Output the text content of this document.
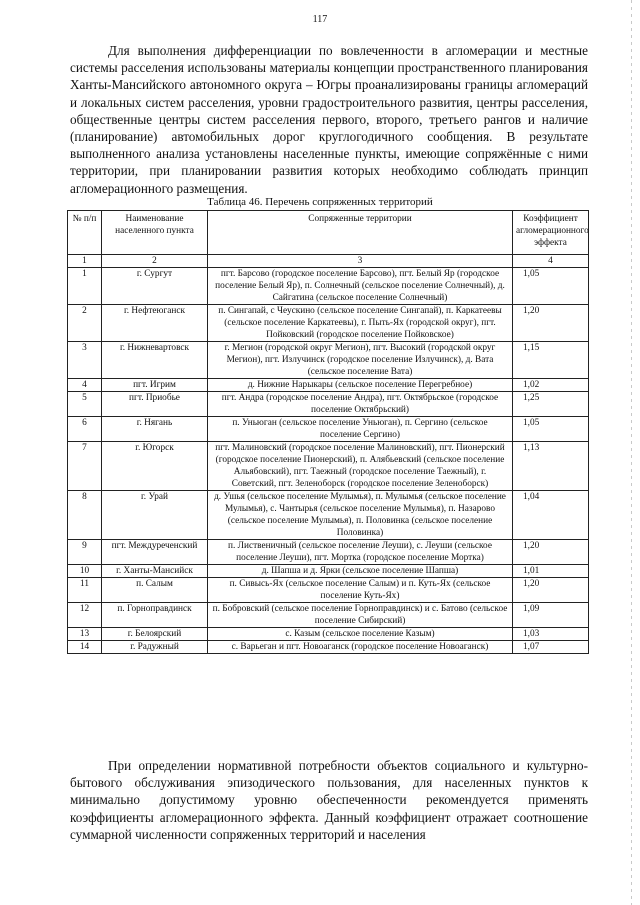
117

Для выполнения дифференциации по вовлеченности в агломерации и местные системы расселения использованы материалы концепции пространственного планирования Ханты-Мансийского автономного округа – Югры проанализированы границы агломераций и локальных систем расселения, уровни градостроительного развития, центры расселения, общественные центры систем расселения первого, второго, третьего рангов и наличие (планирование) автомобильных дорог круглогодичного сообщения. В результате выполненного анализа установлены населенные пункты, имеющие сопряжённые с ними территории, при планировании развития которых необходимо соблюдать принцип агломерационного размещения.

Таблица 46. Перечень сопряженных территорий
№ п/п	Наименование населенного пункта	Сопряженные территории	Коэффициент агломерационного эффекта
1	2	3	4
1	г. Сургут	пгт. Барсово (городское поселение Барсово), пгт. Белый Яр (городское поселение Белый Яр), п. Солнечный (сельское поселение Солнечный), д. Сайгатина (сельское поселение Солнечный)	1,05
2	г. Нефтеюганск	п. Сингапай, с Чеускино (сельское поселение Сингапай), п. Каркатеевы (сельское поселение Каркатеевы), г. Пыть-Ях (городской округ), пгт. Пойковский (городское поселение Пойковское)	1,20
3	г. Нижневартовск	г. Мегион (городской округ Мегион), пгт. Высокий (городской округ Мегион), пгт. Излучинск (городское поселение Излучинск), д. Вата (сельское поселение Вата)	1,15
4	пгт. Игрим	д. Нижние Нарыкары (сельское поселение Перегребное)	1,02
5	пгт. Приобье	пгт. Андра (городское поселение Андра), пгт. Октябрьское (городское поселение Октябрьский)	1,25
6	г. Нягань	п. Уньюган (сельское поселение Уньюган), п. Сергино (сельское поселение Сергино)	1,05
7	г. Югорск	пгт. Малиновский (городское поселение Малиновский), пгт. Пионерский (городское поселение Пионерский), п. Алябьевский (сельское поселение Альябовский), пгт. Таежный (городское поселение Таежный), г. Советский, пгт. Зеленоборск (городское поселение Зеленоборск)	1,13
8	г. Урай	д. Ушья (сельское поселение Мулымья), п. Мулымья (сельское поселение Мулымья), с. Чантырья (сельское поселение Мулымья), п. Назарово (сельское поселение Мулымья), п. Половинка (сельское поселение Половинка)	1,04
9	пгт. Междуреченский	п. Лиственичный (сельское поселение Леуши), с. Леуши (сельское поселение Леуши), пгт. Мортка (городское поселение Мортка)	1,20
10	г. Ханты-Мансийск	д. Шапша и д. Ярки (сельское поселение Шапша)	1,01
11	п. Салым	п. Сивысь-Ях (сельское поселение Салым) и п. Куть-Ях (сельское поселение Куть-Ях)	1,20
12	п. Горноправдинск	п. Бобровский (сельское поселение Горноправдинск) и с. Батово (сельское поселение Сибирский)	1,09
13	г. Белоярский	с. Казым (сельское поселение Казым)	1,03
14	г. Радужный	с. Варьеган и пгт. Новоаганск (городское поселение Новоаганск)	1,07

При определении нормативной потребности объектов социального и культурно-бытового обслуживания эпизодического пользования, для населенных пунктов к минимально допустимому уровню обеспеченности рекомендуется применять коэффициенты агломерационного эффекта. Данный коэффициент отражает соотношение суммарной численности сопряженных территорий и населения
